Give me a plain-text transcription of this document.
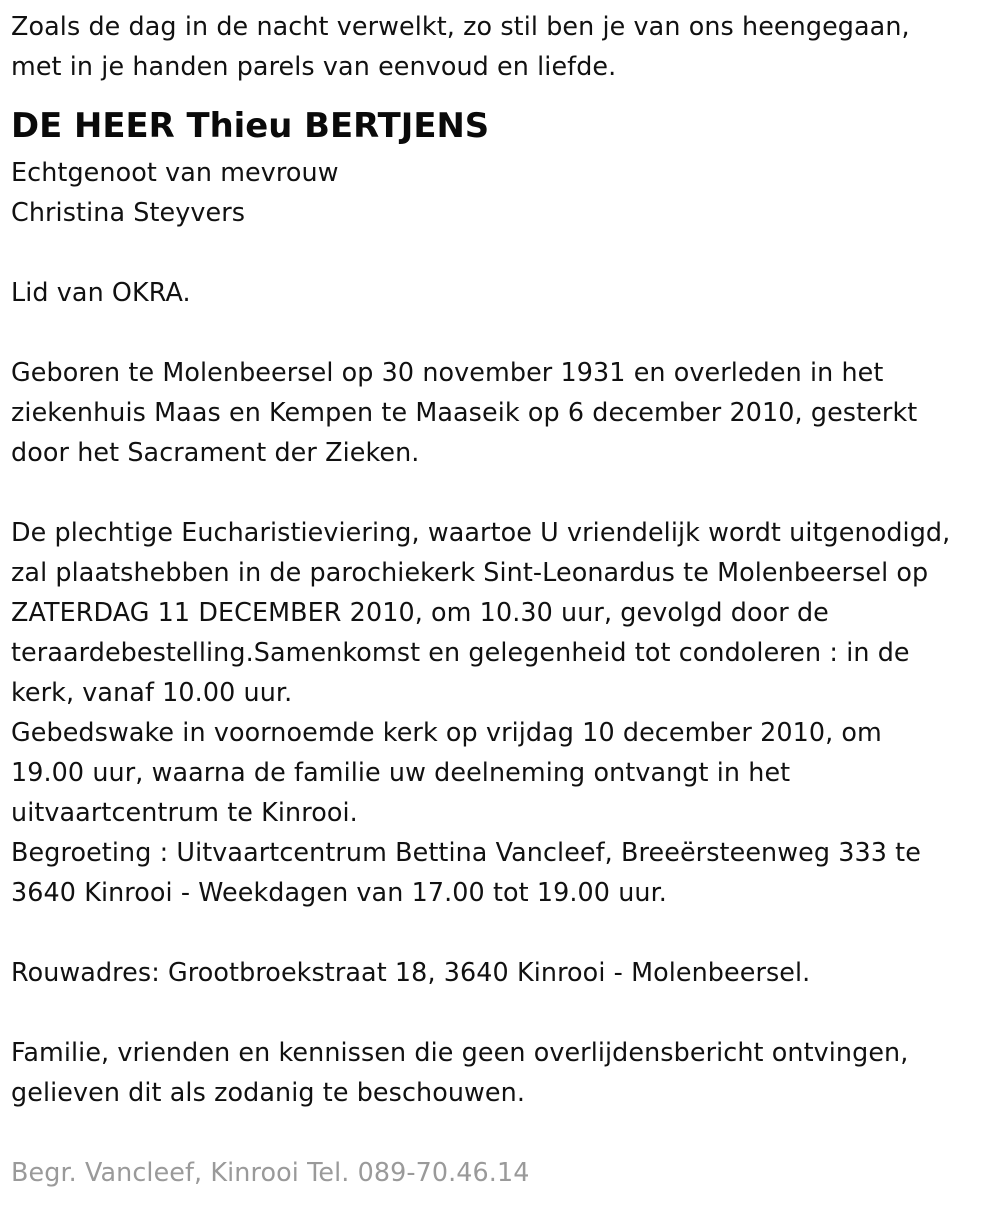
Zoals de dag in de nacht verwelkt, zo stil ben je van ons heengegaan,
met in je handen parels van eenvoud en liefde.
DE HEER Thieu BERTJENS
Echtgenoot van mevrouw
Christina Steyvers
Lid van OKRA.
Geboren te Molenbeersel op 30 november 1931 en overleden in het
ziekenhuis Maas en Kempen te Maaseik op 6 december 2010, gesterkt
door het Sacrament der Zieken.
De plechtige Eucharistieviering, waartoe U vriendelijk wordt uitgenodigd,
zal plaatshebben in de parochiekerk Sint-Leonardus te Molenbeersel op
ZATERDAG 11 DECEMBER 2010, om 10.30 uur, gevolgd door de
teraardebestelling.Samenkomst en gelegenheid tot condoleren : in de
kerk, vanaf 10.00 uur.
Gebedswake in voornoemde kerk op vrijdag 10 december 2010, om
19.00 uur, waarna de familie uw deelneming ontvangt in het
uitvaartcentrum te Kinrooi.
Begroeting : Uitvaartcentrum Bettina Vancleef, Breeërsteenweg 333 te
3640 Kinrooi - Weekdagen van 17.00 tot 19.00 uur.
Rouwadres: Grootbroekstraat 18, 3640 Kinrooi - Molenbeersel.
Familie, vrienden en kennissen die geen overlijdensbericht ontvingen,
gelieven dit als zodanig te beschouwen.
Begr. Vancleef, Kinrooi Tel. 089-70.46.14
